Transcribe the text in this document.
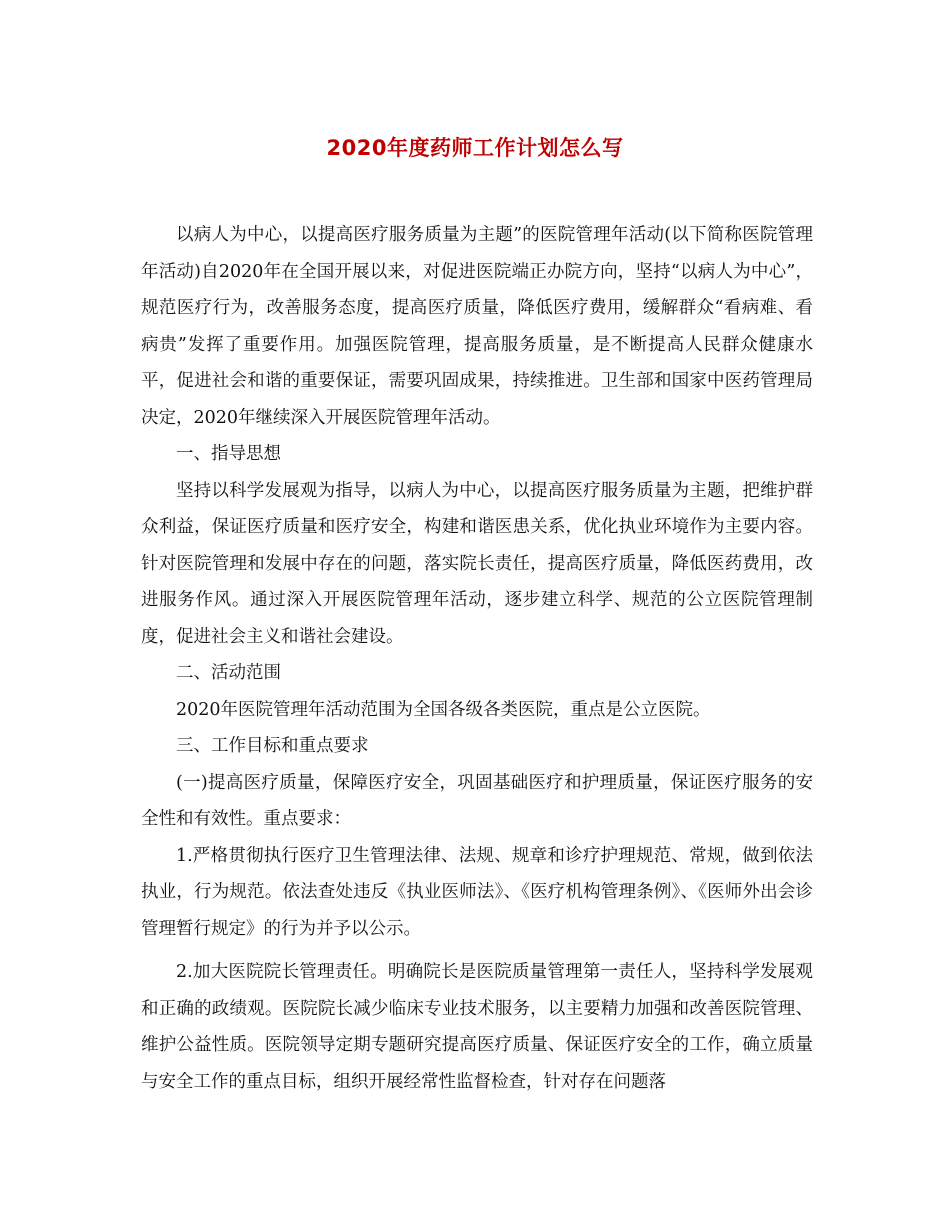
2020年度药师工作计划怎么写

以病人为中心，以提高医疗服务质量为主题”的医院管理年活动(以下简称医院管理年活动)自2020年在全国开展以来，对促进医院端正办院方向，坚持“以病人为中心”，规范医疗行为，改善服务态度，提高医疗质量，降低医疗费用，缓解群众“看病难、看病贵”发挥了重要作用。加强医院管理，提高服务质量，是不断提高人民群众健康水平，促进社会和谐的重要保证，需要巩固成果，持续推进。卫生部和国家中医药管理局决定，2020年继续深入开展医院管理年活动。

一、指导思想

坚持以科学发展观为指导，以病人为中心，以提高医疗服务质量为主题，把维护群众利益，保证医疗质量和医疗安全，构建和谐医患关系，优化执业环境作为主要内容。针对医院管理和发展中存在的问题，落实院长责任，提高医疗质量，降低医药费用，改进服务作风。通过深入开展医院管理年活动，逐步建立科学、规范的公立医院管理制度，促进社会主义和谐社会建设。

二、活动范围

2020年医院管理年活动范围为全国各级各类医院，重点是公立医院。

三、工作目标和重点要求

(一)提高医疗质量，保障医疗安全，巩固基础医疗和护理质量，保证医疗服务的安全性和有效性。重点要求：

1.严格贯彻执行医疗卫生管理法律、法规、规章和诊疗护理规范、常规，做到依法执业，行为规范。依法查处违反《执业医师法》、《医疗机构管理条例》、《医师外出会诊管理暂行规定》的行为并予以公示。

2.加大医院院长管理责任。明确院长是医院质量管理第一责任人，坚持科学发展观和正确的政绩观。医院院长减少临床专业技术服务，以主要精力加强和改善医院管理、维护公益性质。医院领导定期专题研究提高医疗质量、保证医疗安全的工作，确立质量与安全工作的重点目标，组织开展经常性监督检查，针对存在问题落
